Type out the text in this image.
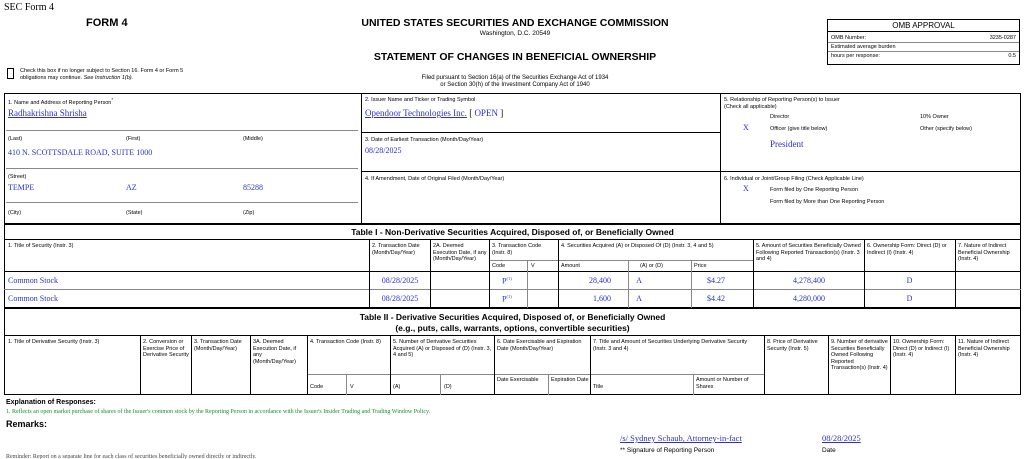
SEC Form 4
FORM 4	UNITED STATES SECURITIES AND EXCHANGE COMMISSION
Washington, D.C. 20549
STATEMENT OF CHANGES IN BENEFICIAL OWNERSHIP
Filed pursuant to Section 16(a) of the Securities Exchange Act of 1934
or Section 30(h) of the Investment Company Act of 1940
Check this box if no longer subject to Section 16. Form 4 or Form 5
obligations may continue. See Instruction 1(b).
OMB APPROVAL
OMB Number:	3235-0287
Estimated average burden
hours per response:	0.5
1. Name and Address of Reporting Person*
Radhakrishna Shrisha
(Last)	(First)	(Middle)
410 N. SCOTTSDALE ROAD, SUITE 1000
(Street)
TEMPE	AZ	85288
(City)	(State)	(Zip)
2. Issuer Name and Ticker or Trading Symbol
Opendoor Technologies Inc. [ OPEN ]
3. Date of Earliest Transaction (Month/Day/Year)
08/28/2025
4. If Amendment, Date of Original Filed (Month/Day/Year)
5. Relationship of Reporting Person(s) to Issuer
(Check all applicable)
Director	10% Owner
X	Officer (give title below)	Other (specify below)
President
6. Individual or Joint/Group Filing (Check Applicable Line)
X	Form filed by One Reporting Person
Form filed by More than One Reporting Person
Table I - Non-Derivative Securities Acquired, Disposed of, or Beneficially Owned
1. Title of Security (Instr. 3)	2. Transaction Date (Month/Day/Year)
2A. Deemed Execution Date, if any (Month/Day/Year)
3. Transaction Code (Instr. 8)
4. Securities Acquired (A) or Disposed Of (D) (Instr. 3, 4 and 5)	5. Amount of Securities Beneficially Owned Following Reported Transaction(s) (Instr. 3 and 4)
6. Ownership Form: Direct (D) or Indirect (I) (Instr. 4)
7. Nature of Indirect Beneficial Ownership (Instr. 4)
Code	V	Amount	(A) or (D)	Price
Common Stock	08/28/2025	$P^{(1)}$	28,400	A	$4.27	4,278,400	D
Common Stock	08/28/2025	$P^{(1)}$	1,600	A	$4.42	4,280,000	D
Table II - Derivative Securities Acquired, Disposed of, or Beneficially Owned
(e.g., puts, calls, warrants, options, convertible securities)
1. Title of Derivative Security (Instr. 3)	2. Conversion or Exercise Price of Derivative Security
3. Transaction Date (Month/Day/Year)
3A. Deemed Execution Date, if any (Month/Day/Year)
4. Transaction Code (Instr. 8)	5. Number of Derivative Securities Acquired (A) or Disposed of (D) (Instr. 3, 4 and 5)
6. Date Exercisable and Expiration Date (Month/Day/Year)
7. Title and Amount of Securities Underlying Derivative Security (Instr. 3 and 4)
8. Price of Derivative Security (Instr. 5)
9. Number of derivative Securities Beneficially Owned Following Reported Transaction(s) (Instr. 4)
10. Ownership Form: Direct (D) or Indirect (I) (Instr. 4)
11. Nature of Indirect Beneficial Ownership (Instr. 4)
Code	V	(A)	(D)
Date Exercisable	Expiration Date
Title
Amount or Number of Shares
Explanation of Responses:
1. Reflects an open market purchase of shares of the Issuer's common stock by the Reporting Person in accordance with the Issuer's Insider Trading and Trading Window Policy.
Remarks:
/s/ Sydney Schaub, Attorney-in-fact
** Signature of Reporting Person
08/28/2025
Date
Reminder: Report on a separate line for each class of securities beneficially owned directly or indirectly.
